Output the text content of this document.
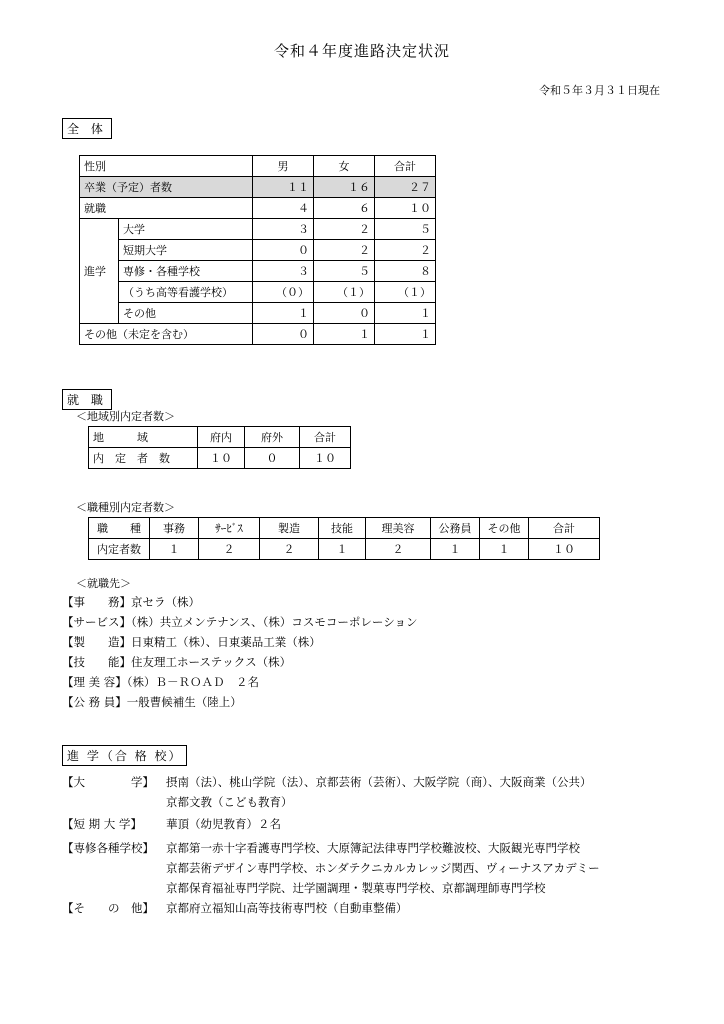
令和４年度進路決定状況
令和５年３月３１日現在
全 体
性別		男	女	合計
卒業（予定）者数		１１	１６	２７
就職		４	６	１０
進学	大学	３	２	５
	短期大学	０	２	２
	専修・各種学校	３	５	８
	（うち高等看護学校）	（０）	（１）	（１）
	その他	１	０	１
その他（未定を含む）		０	１	１
就 職
＜地域別内定者数＞
地　　　域	府内	府外	合計
内　定　者　数	１０	０	１０
＜職種別内定者数＞
職　　種	事務	ｻｰﾋﾞｽ	製造	技能	理美容	公務員	その他	合計
内定者数	１	２	２	１	２	１	１	１０
＜就職先＞
【事　　務】京セラ（株）
【サービス】（株）共立メンテナンス、（株）コスモコーポレーション
【製　　造】日東精工（株）、日東薬品工業（株）
【技　　能】住友理工ホーステックス（株）
【理 美 容】（株）Ｂ－ＲＯＡＤ　２名
【公 務 員】一般曹候補生（陸上）
進 学（合 格 校）
【大　　　　学】	摂南（法）、桃山学院（法）、京都芸術（芸術）、大阪学院（商）、大阪商業（公共）
京都文教（こども教育）
【短 期 大 学】	華頂（幼児教育）２名
【専修各種学校】	京都第一赤十字看護専門学校、大原簿記法律専門学校難波校、大阪観光専門学校
京都芸術デザイン専門学校、ホンダテクニカルカレッジ関西、ヴィーナスアカデミー
京都保育福祉専門学院、辻学園調理・製菓専門学校、京都調理師専門学校
【そ　　の　他】	京都府立福知山高等技術専門校（自動車整備）
